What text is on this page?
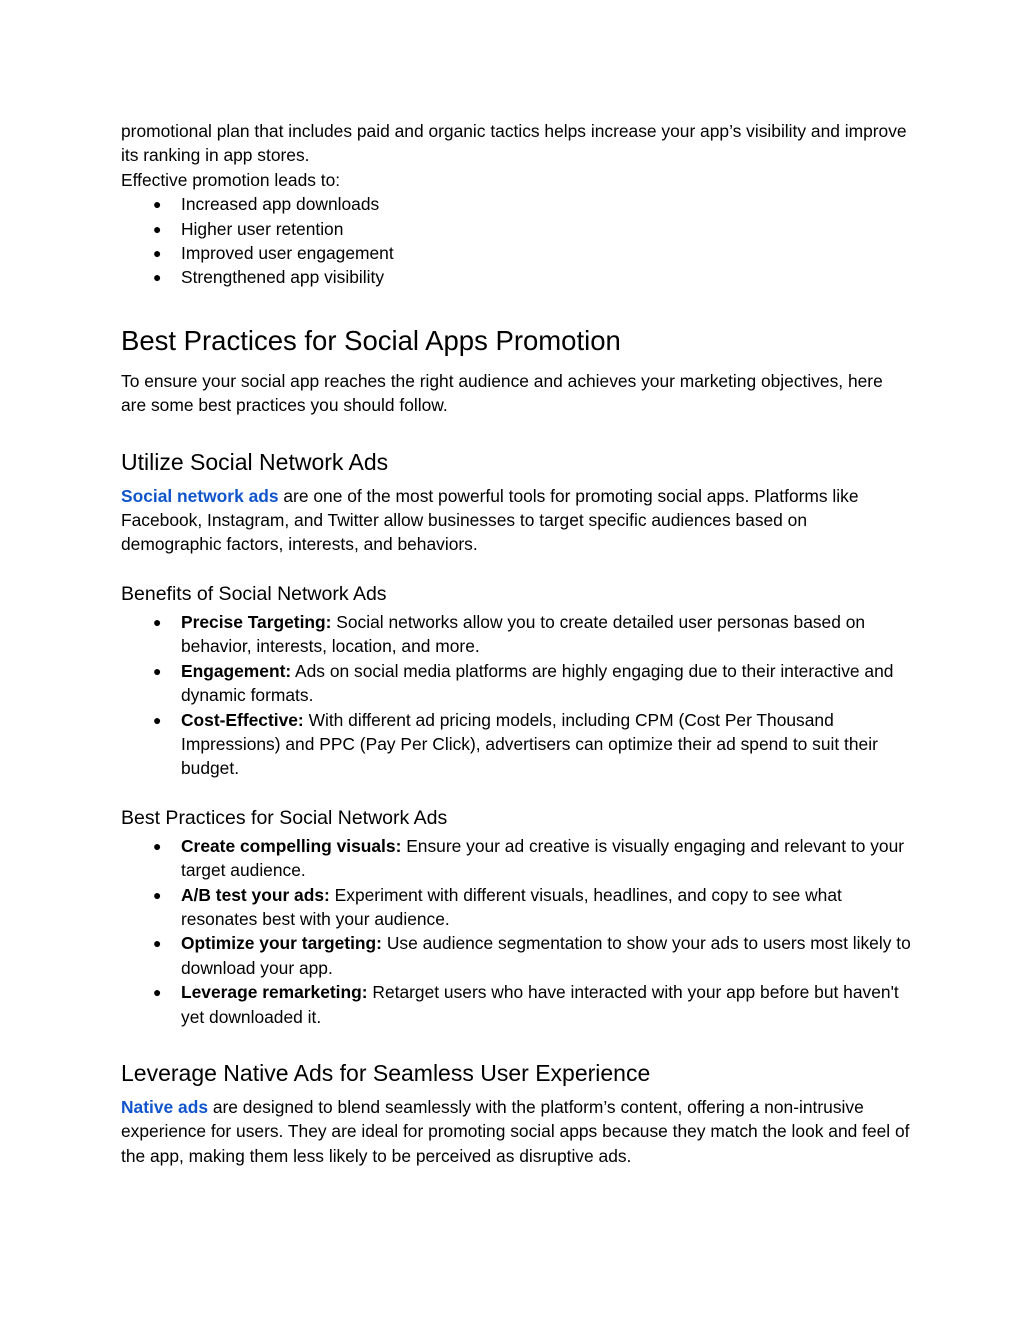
promotional plan that includes paid and organic tactics helps increase your app’s visibility and improve its ranking in app stores.

Effective promotion leads to:

● Increased app downloads
● Higher user retention
● Improved user engagement
● Strengthened app visibility
Best Practices for Social Apps Promotion

To ensure your social app reaches the right audience and achieves your marketing objectives, here are some best practices you should follow.

Utilize Social Network Ads

Social network ads are one of the most powerful tools for promoting social apps. Platforms like Facebook, Instagram, and Twitter allow businesses to target specific audiences based on demographic factors, interests, and behaviors.

Benefits of Social Network Ads
● Precise Targeting: Social networks allow you to create detailed user personas based on behavior, interests, location, and more.
● Engagement: Ads on social media platforms are highly engaging due to their interactive and dynamic formats.
● Cost-Effective: With different ad pricing models, including CPM (Cost Per Thousand Impressions) and PPC (Pay Per Click), advertisers can optimize their ad spend to suit their budget.
Best Practices for Social Network Ads
● Create compelling visuals: Ensure your ad creative is visually engaging and relevant to your target audience.
● A/B test your ads: Experiment with different visuals, headlines, and copy to see what resonates best with your audience.
● Optimize your targeting: Use audience segmentation to show your ads to users most likely to download your app.
● Leverage remarketing: Retarget users who have interacted with your app before but haven't yet downloaded it.
Leverage Native Ads for Seamless User Experience

Native ads are designed to blend seamlessly with the platform’s content, offering a non-intrusive experience for users. They are ideal for promoting social apps because they match the look and feel of the app, making them less likely to be perceived as disruptive ads.
